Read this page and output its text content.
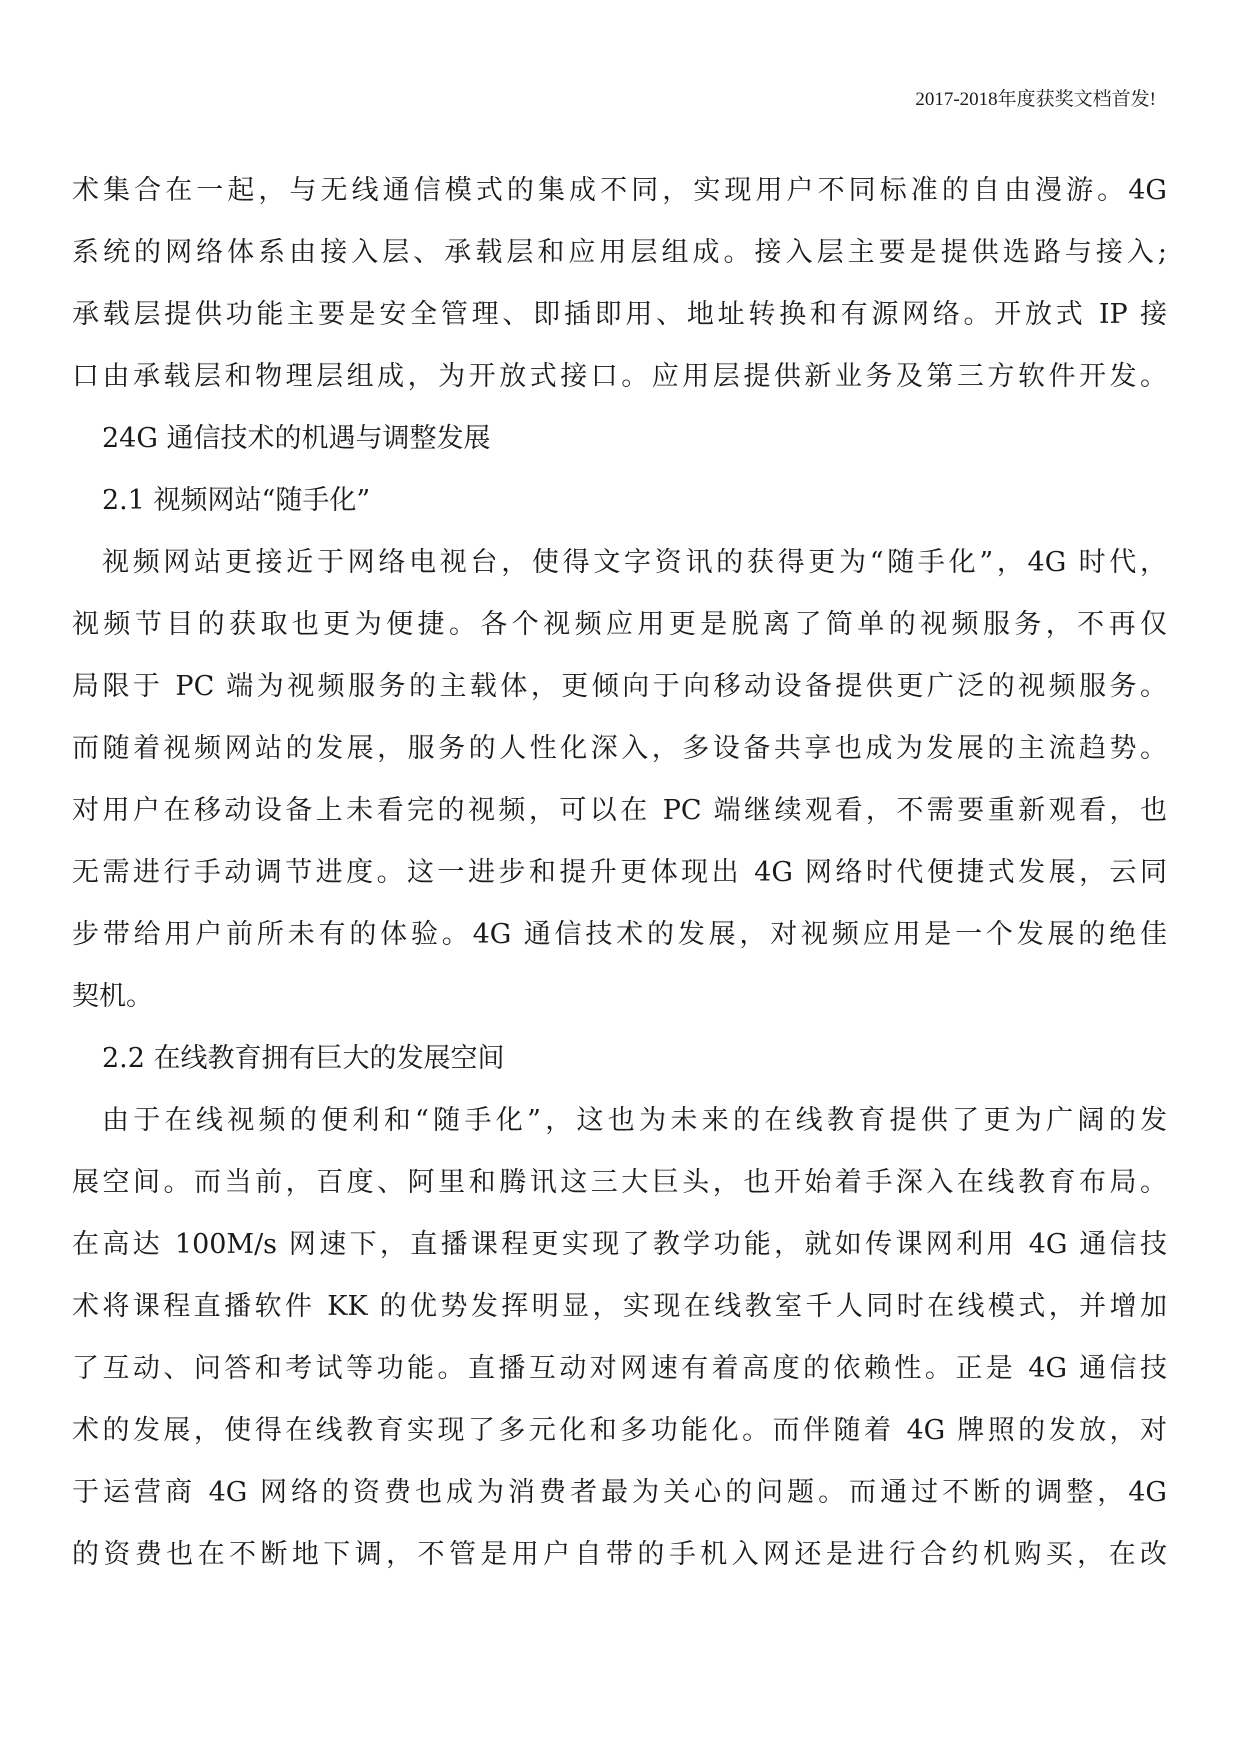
2017-2018年度获奖文档首发!
术集合在一起，与无线通信模式的集成不同，实现用户不同标准的自由漫游。4G
系统的网络体系由接入层、承载层和应用层组成。接入层主要是提供选路与接入;
承载层提供功能主要是安全管理、即插即用、地址转换和有源网络。开放式 IP 接
口由承载层和物理层组成，为开放式接口。应用层提供新业务及第三方软件开发。
24G 通信技术的机遇与调整发展
2.1 视频网站“随手化”
视频网站更接近于网络电视台，使得文字资讯的获得更为“随手化”，4G 时代，
视频节目的获取也更为便捷。各个视频应用更是脱离了简单的视频服务，不再仅
局限于 PC 端为视频服务的主载体，更倾向于向移动设备提供更广泛的视频服务。
而随着视频网站的发展，服务的人性化深入，多设备共享也成为发展的主流趋势。
对用户在移动设备上未看完的视频，可以在 PC 端继续观看，不需要重新观看，也
无需进行手动调节进度。这一进步和提升更体现出 4G 网络时代便捷式发展，云同
步带给用户前所未有的体验。4G 通信技术的发展，对视频应用是一个发展的绝佳
契机。
2.2 在线教育拥有巨大的发展空间
由于在线视频的便利和“随手化”，这也为未来的在线教育提供了更为广阔的发
展空间。而当前，百度、阿里和腾讯这三大巨头，也开始着手深入在线教育布局。
在高达 100M/s 网速下，直播课程更实现了教学功能，就如传课网利用 4G 通信技
术将课程直播软件 KK 的优势发挥明显，实现在线教室千人同时在线模式，并增加
了互动、问答和考试等功能。直播互动对网速有着高度的依赖性。正是 4G 通信技
术的发展，使得在线教育实现了多元化和多功能化。而伴随着 4G 牌照的发放，对
于运营商 4G 网络的资费也成为消费者最为关心的问题。而通过不断的调整，4G
的资费也在不断地下调，不管是用户自带的手机入网还是进行合约机购买，在改
